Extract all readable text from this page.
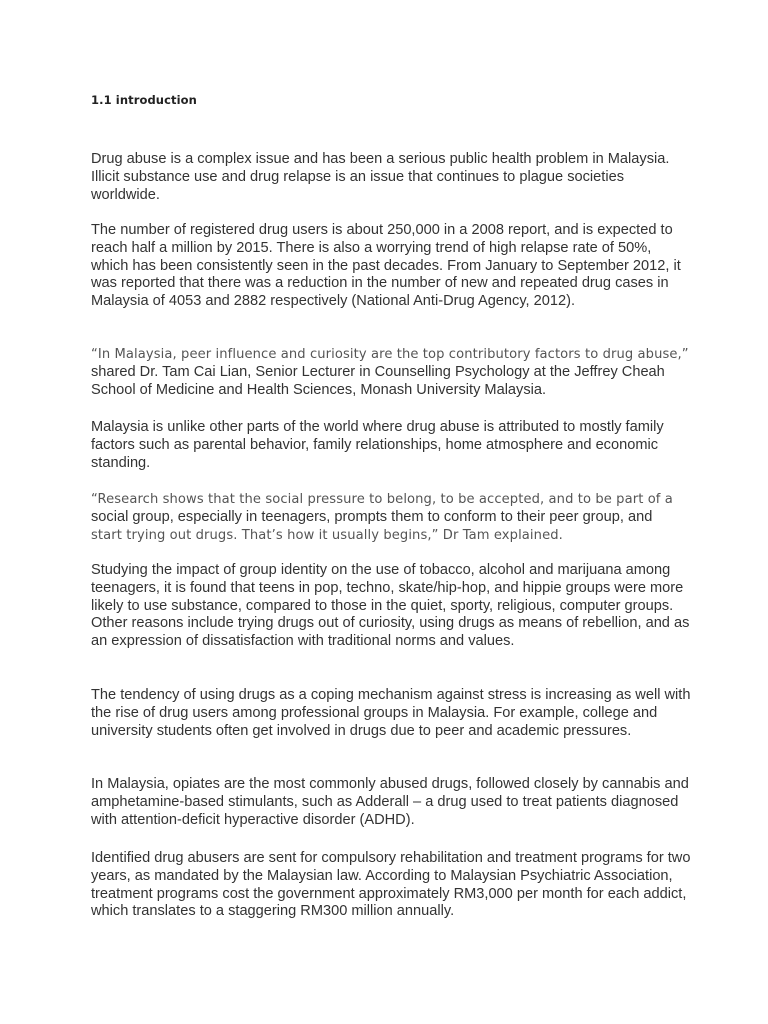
1.1 introduction

Drug abuse is a complex issue and has been a serious public health problem in Malaysia. Illicit substance use and drug relapse is an issue that continues to plague societies worldwide.

The number of registered drug users is about 250,000 in a 2008 report, and is expected to reach half a million by 2015. There is also a worrying trend of high relapse rate of 50%, which has been consistently seen in the past decades. From January to September 2012, it was reported that there was a reduction in the number of new and repeated drug cases in Malaysia of 4053 and 2882 respectively (National Anti-Drug Agency, 2012).

“In Malaysia, peer influence and curiosity are the top contributory factors to drug abuse,” shared Dr. Tam Cai Lian, Senior Lecturer in Counselling Psychology at the Jeffrey Cheah School of Medicine and Health Sciences, Monash University Malaysia.

Malaysia is unlike other parts of the world where drug abuse is attributed to mostly family factors such as parental behavior, family relationships, home atmosphere and economic standing.

“Research shows that the social pressure to belong, to be accepted, and to be part of a
social group, especially in teenagers, prompts them to conform to their peer group, and
start trying out drugs. That’s how it usually begins,” Dr Tam explained.

Studying the impact of group identity on the use of tobacco, alcohol and marijuana among teenagers, it is found that teens in pop, techno, skate/hip-hop, and hippie groups were more likely to use substance, compared to those in the quiet, sporty, religious, computer groups. Other reasons include trying drugs out of curiosity, using drugs as means of rebellion, and as an expression of dissatisfaction with traditional norms and values.

The tendency of using drugs as a coping mechanism against stress is increasing as well with the rise of drug users among professional groups in Malaysia. For example, college and university students often get involved in drugs due to peer and academic pressures.

In Malaysia, opiates are the most commonly abused drugs, followed closely by cannabis and amphetamine-based stimulants, such as Adderall – a drug used to treat patients diagnosed with attention-deficit hyperactive disorder (ADHD).

Identified drug abusers are sent for compulsory rehabilitation and treatment programs for two years, as mandated by the Malaysian law. According to Malaysian Psychiatric Association, treatment programs cost the government approximately RM3,000 per month for each addict, which translates to a staggering RM300 million annually.
